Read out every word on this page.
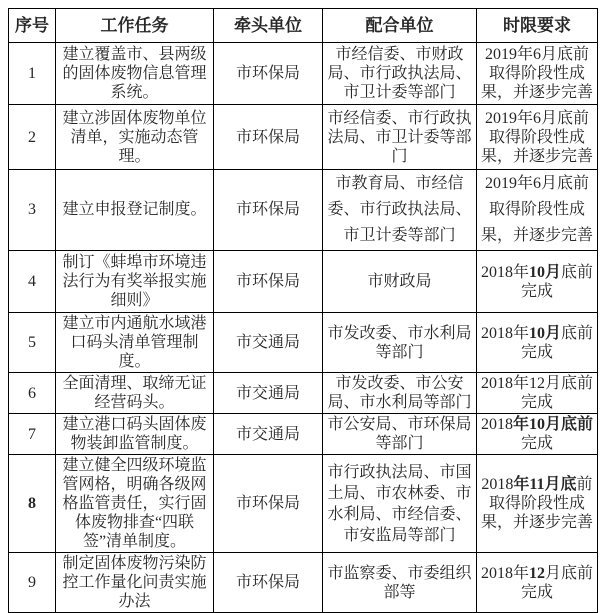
序号	工作任务	牵头单位	配合单位	时限要求
1	建立覆盖市、县两级的固体废物信息管理系统。	市环保局	市经信委、市财政局、市行政执法局、市卫计委等部门	2019年6月底前取得阶段性成果，并逐步完善
2	建立涉固体废物单位清单，实施动态管理。	市环保局	市经信委、市行政执法局、市卫计委等部门	2019年6月底前取得阶段性成果，并逐步完善
3	建立申报登记制度。	市环保局	市教育局、市经信委、市行政执法局、市卫计委等部门	2019年6月底前取得阶段性成果，并逐步完善
4	制订《蚌埠市环境违法行为有奖举报实施细则》	市环保局	市财政局	2018年10月底前完成
5	建立市内通航水域港口码头清单管理制度。	市交通局	市发改委、市水利局等部门	2018年10月底前完成
6	全面清理、取缔无证经营码头。	市交通局	市发改委、市公安局、市水利局等部门	2018年12月底前完成
7	建立港口码头固体废物装卸监管制度。	市交通局	市公安局、市环保局等部门	2018年10月底前完成
8	建立健全四级环境监管网格，明确各级网格监管责任，实行固体废物排查“四联签”清单制度。	市环保局	市行政执法局、市国土局、市农林委、市水利局、市经信委、市安监局等部门	2018年11月底前取得阶段性成果，并逐步完善
9	制定固体废物污染防控工作量化问责实施办法	市环保局	市监察委、市委组织部等	2018年12月底前完成
